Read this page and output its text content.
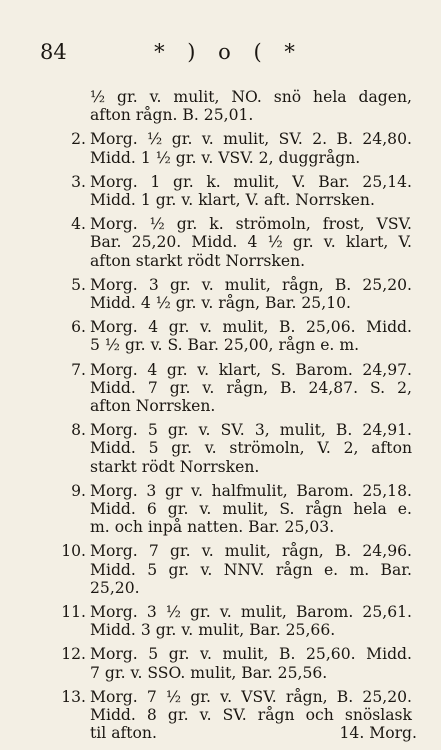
84	* ) o ( *
½ gr. v. mulit, NO. snö hela dagen,
afton rågn. B. 25,01.
2. Morg. ½ gr. v. mulit, SV. 2. B. 24,80.
Midd. 1 ½ gr. v. VSV. 2, duggrågn.
3. Morg. 1 gr. k. mulit, V. Bar. 25,14.
Midd. 1 gr. v. klart, V. aft. Norrsken.
4. Morg. ½ gr. k. strömoln, frost, VSV.
Bar. 25,20. Midd. 4 ½ gr. v. klart, V.
afton starkt rödt Norrsken.
5. Morg. 3 gr. v. mulit, rågn, B. 25,20.
Midd. 4 ½ gr. v. rågn, Bar. 25,10.
6. Morg. 4 gr. v. mulit, B. 25,06. Midd.
5 ½ gr. v. S. Bar. 25,00, rågn e. m.
7. Morg. 4 gr. v. klart, S. Barom. 24,97.
Midd. 7 gr. v. rågn, B. 24,87. S. 2,
afton Norrsken.
8. Morg. 5 gr. v. SV. 3, mulit, B. 24,91.
Midd. 5 gr. v. strömoln, V. 2, afton
starkt rödt Norrsken.
9. Morg. 3 gr v. halfmulit, Barom. 25,18.
Midd. 6 gr. v. mulit, S. rågn hela e.
m. och inpå natten. Bar. 25,03.
10. Morg. 7 gr. v. mulit, rågn, B. 24,96.
Midd. 5 gr. v. NNV. rågn e. m. Bar.
25,20.
11. Morg. 3 ½ gr. v. mulit, Barom. 25,61.
Midd. 3 gr. v. mulit, Bar. 25,66.
12. Morg. 5 gr. v. mulit, B. 25,60. Midd.
7 gr. v. SSO. mulit, Bar. 25,56.
13. Morg. 7 ½ gr. v. VSV. rågn, B. 25,20.
Midd. 8 gr. v. SV. rågn och snöslask
til afton.	14. Morg.
